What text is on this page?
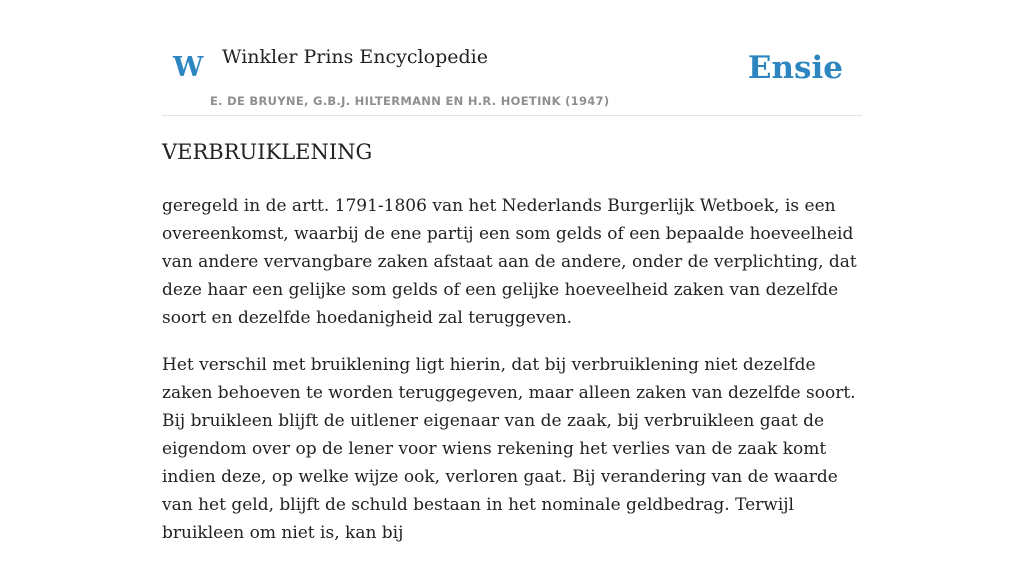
W Winkler Prins Encyclopedie
E. DE BRUYNE, G.B.J. HILTERMANN EN H.R. HOETINK (1947)
Ensie
VERBRUIKLENING

geregeld in de artt. 1791-1806 van het Nederlands Burgerlijk Wetboek, is een overeenkomst, waarbij de ene partij een som gelds of een bepaalde hoeveelheid van andere vervangbare zaken afstaat aan de andere, onder de verplichting, dat deze haar een gelijke som gelds of een gelijke hoeveelheid zaken van dezelfde soort en dezelfde hoedanigheid zal teruggeven.

Het verschil met bruiklening ligt hierin, dat bij verbruiklening niet dezelfde zaken behoeven te worden teruggegeven, maar alleen zaken van dezelfde soort. Bij bruikleen blijft de uitlener eigenaar van de zaak, bij verbruikleen gaat de eigendom over op de lener voor wiens rekening het verlies van de zaak komt indien deze, op welke wijze ook, verloren gaat. Bij verandering van de waarde van het geld, blijft de schuld bestaan in het nominale geldbedrag. Terwijl bruikleen om niet is, kan bij
